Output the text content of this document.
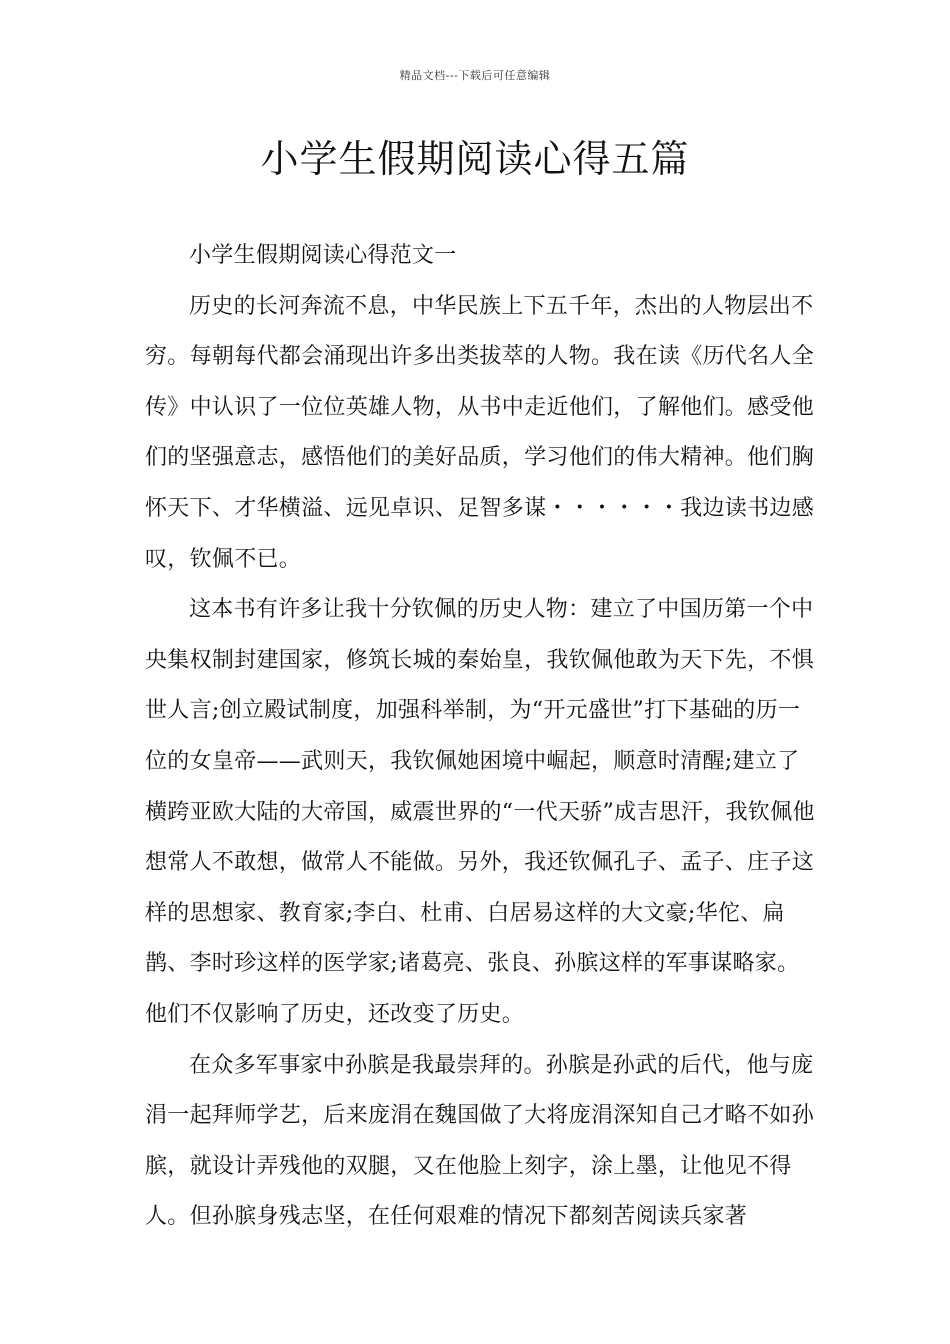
精品文档---下载后可任意编辑
小学生假期阅读心得五篇

小学生假期阅读心得范文一

历史的长河奔流不息，中华民族上下五千年，杰出的人物层出不穷。每朝每代都会涌现出许多出类拔萃的人物。我在读《历代名人全传》中认识了一位位英雄人物，从书中走近他们，了解他们。感受他们的坚强意志，感悟他们的美好品质，学习他们的伟大精神。他们胸怀天下、才华横溢、远见卓识、足智多谋・・・・・・我边读书边感叹，钦佩不已。

这本书有许多让我十分钦佩的历史人物：建立了中国历第一个中央集权制封建国家，修筑长城的秦始皇，我钦佩他敢为天下先，不惧世人言;创立殿试制度，加强科举制，为“开元盛世”打下基础的历一位的女皇帝——武则天，我钦佩她困境中崛起，顺意时清醒;建立了横跨亚欧大陆的大帝国，威震世界的“一代天骄”成吉思汗，我钦佩他想常人不敢想，做常人不能做。另外，我还钦佩孔子、孟子、庄子这样的思想家、教育家;李白、杜甫、白居易这样的大文豪;华佗、扁鹊、李时珍这样的医学家;诸葛亮、张良、孙膑这样的军事谋略家。他们不仅影响了历史，还改变了历史。

在众多军事家中孙膑是我最崇拜的。孙膑是孙武的后代，他与庞涓一起拜师学艺，后来庞涓在魏国做了大将庞涓深知自己才略不如孙膑，就设计弄残他的双腿，又在他脸上刻字，涂上墨，让他见不得人。但孙膑身残志坚，在任何艰难的情况下都刻苦阅读兵家著
